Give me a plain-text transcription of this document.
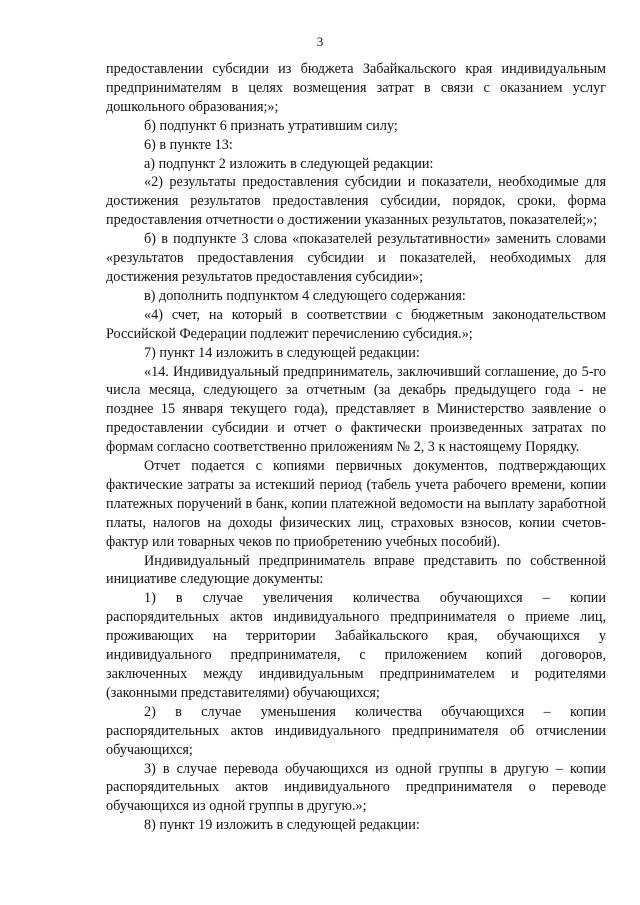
3

предоставлении субсидии из бюджета Забайкальского края индивидуальным предпринимателям в целях возмещения затрат в связи с оказанием услуг дошкольного образования;»;

б) подпункт 6 признать утратившим силу;

6) в пункте 13:

а) подпункт 2 изложить в следующей редакции:

«2) результаты предоставления субсидии и показатели, необходимые для достижения результатов предоставления субсидии, порядок, сроки, форма предоставления отчетности о достижении указанных результатов, показателей;»;

б) в подпункте 3 слова «показателей результативности» заменить словами «результатов предоставления субсидии и показателей, необходимых для достижения результатов предоставления субсидии»;

в) дополнить подпунктом 4 следующего содержания:

«4) счет, на который в соответствии с бюджетным законодательством Российской Федерации подлежит перечислению субсидия.»;

7) пункт 14 изложить в следующей редакции:

«14. Индивидуальный предприниматель, заключивший соглашение, до 5-го числа месяца, следующего за отчетным (за декабрь предыдущего года - не позднее 15 января текущего года), представляет в Министерство заявление о предоставлении субсидии и отчет о фактически произведенных затратах по формам согласно соответственно приложениям № 2, 3 к настоящему Порядку.

Отчет подается с копиями первичных документов, подтверждающих фактические затраты за истекший период (табель учета рабочего времени, копии платежных поручений в банк, копии платежной ведомости на выплату заработной платы, налогов на доходы физических лиц, страховых взносов, копии счетов-фактур или товарных чеков по приобретению учебных пособий).

Индивидуальный предприниматель вправе представить по собственной инициативе следующие документы:

1) в случае увеличения количества обучающихся – копии распорядительных актов индивидуального предпринимателя о приеме лиц, проживающих на территории Забайкальского края, обучающихся у индивидуального предпринимателя, с приложением копий договоров, заключенных между индивидуальным предпринимателем и родителями (законными представителями) обучающихся;

2) в случае уменьшения количества обучающихся – копии распорядительных актов индивидуального предпринимателя об отчислении обучающихся;

3) в случае перевода обучающихся из одной группы в другую – копии распорядительных актов индивидуального предпринимателя о переводе обучающихся из одной группы в другую.»;

8) пункт 19 изложить в следующей редакции:
